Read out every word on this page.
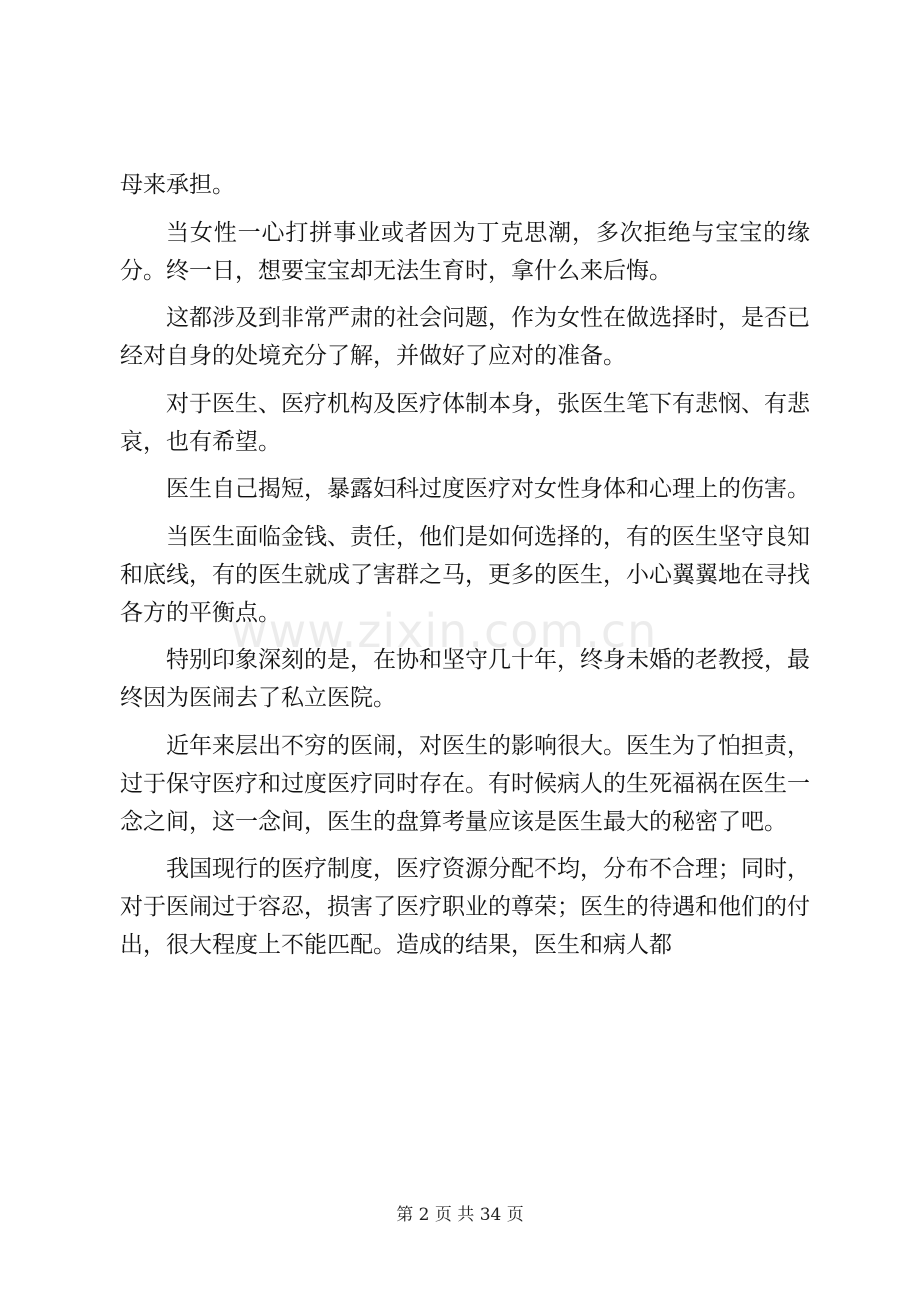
母来承担。

当女性一心打拼事业或者因为丁克思潮，多次拒绝与宝宝的缘分。终一日，想要宝宝却无法生育时，拿什么来后悔。

这都涉及到非常严肃的社会问题，作为女性在做选择时，是否已经对自身的处境充分了解，并做好了应对的准备。

对于医生、医疗机构及医疗体制本身，张医生笔下有悲悯、有悲哀，也有希望。

医生自己揭短，暴露妇科过度医疗对女性身体和心理上的伤害。

当医生面临金钱、责任，他们是如何选择的，有的医生坚守良知和底线，有的医生就成了害群之马，更多的医生，小心翼翼地在寻找各方的平衡点。

特别印象深刻的是，在协和坚守几十年，终身未婚的老教授，最终因为医闹去了私立医院。

近年来层出不穷的医闹，对医生的影响很大。医生为了怕担责，过于保守医疗和过度医疗同时存在。有时候病人的生死福祸在医生一念之间，这一念间，医生的盘算考量应该是医生最大的秘密了吧。

我国现行的医疗制度，医疗资源分配不均，分布不合理；同时，对于医闹过于容忍，损害了医疗职业的尊荣；医生的待遇和他们的付出，很大程度上不能匹配。造成的结果，医生和病人都

www.zixin.com.cn
第 2 页 共 34 页
